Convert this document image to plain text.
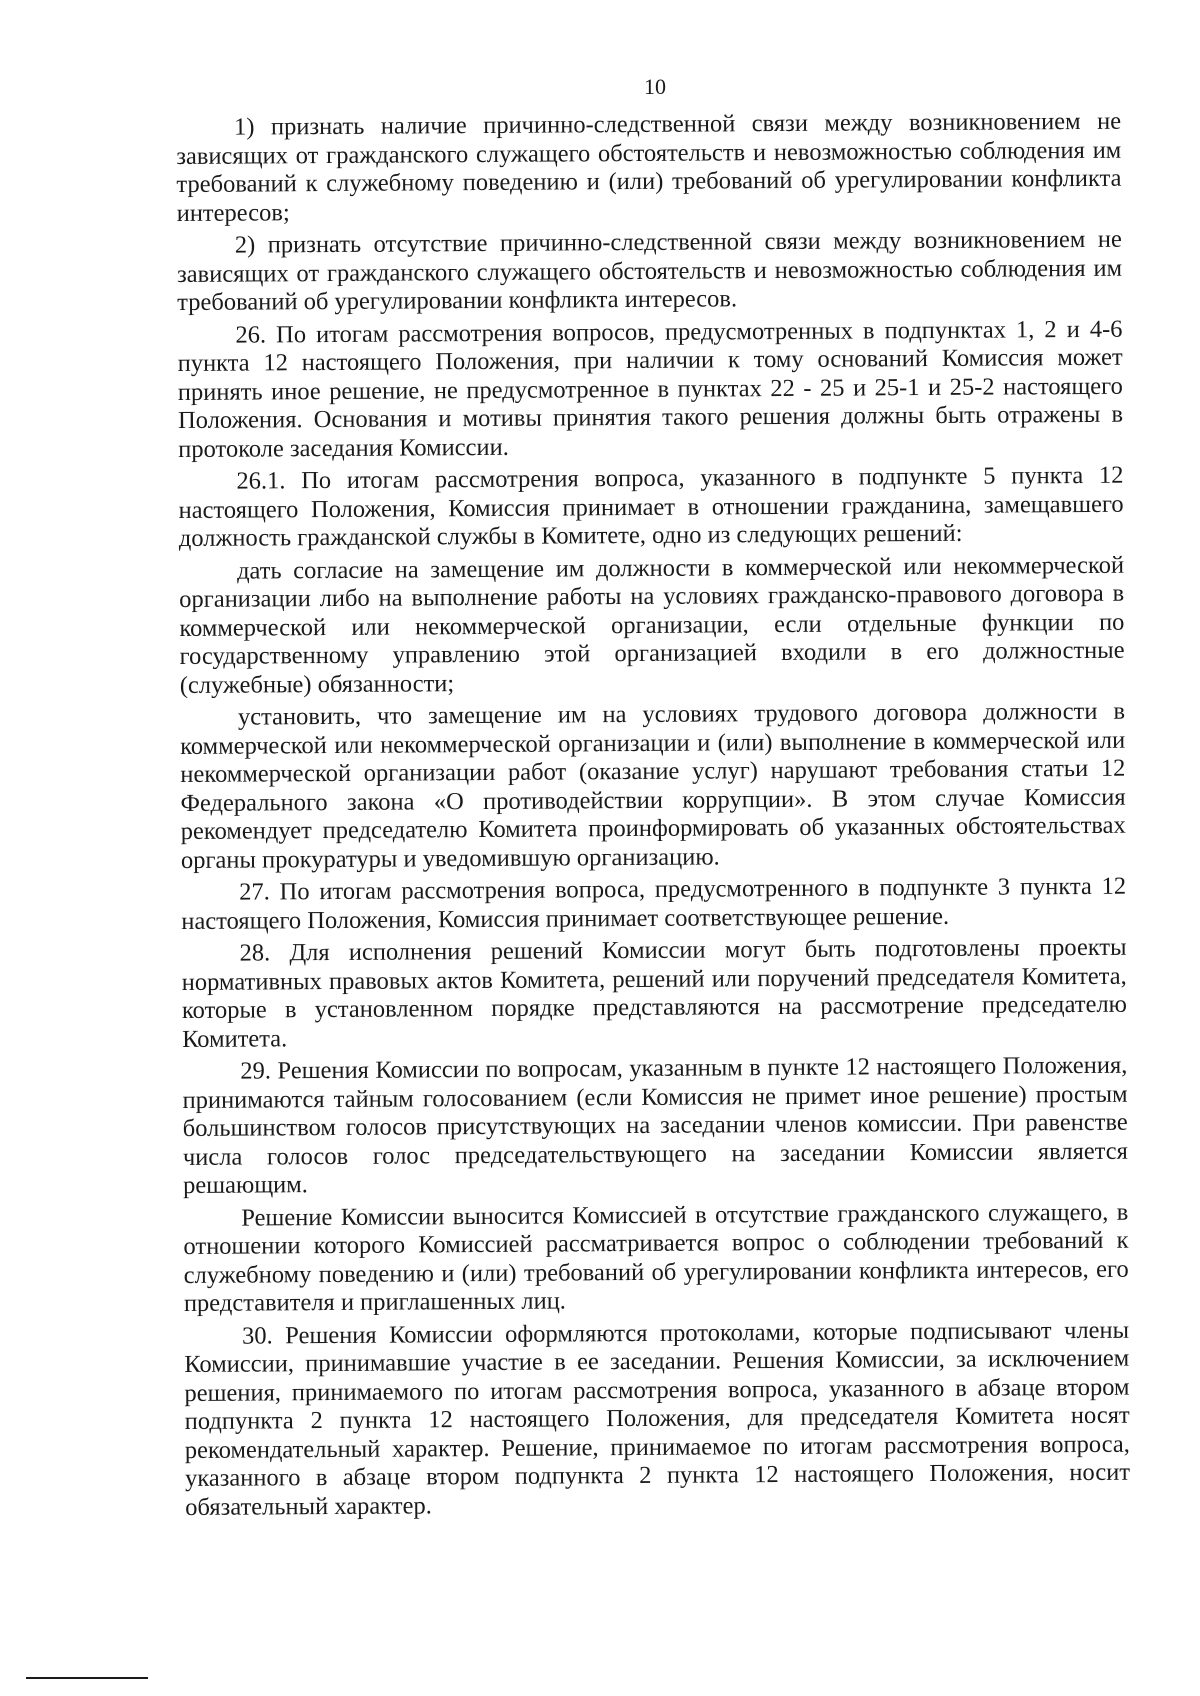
10

1) признать наличие причинно-следственной связи между возникновением не зависящих от гражданского служащего обстоятельств и невозможностью соблюдения им требований к служебному поведению и (или) требований об урегулировании конфликта интересов;

2) признать отсутствие причинно-следственной связи между возникновением не зависящих от гражданского служащего обстоятельств и невозможностью соблюдения им требований об урегулировании конфликта интересов.

26. По итогам рассмотрения вопросов, предусмотренных в подпунктах 1, 2 и 4-6 пункта 12 настоящего Положения, при наличии к тому оснований Комиссия может принять иное решение, не предусмотренное в пунктах 22 - 25 и 25-1 и 25-2 настоящего Положения. Основания и мотивы принятия такого решения должны быть отражены в протоколе заседания Комиссии.

26.1. По итогам рассмотрения вопроса, указанного в подпункте 5 пункта 12 настоящего Положения, Комиссия принимает в отношении гражданина, замещавшего должность гражданской службы в Комитете, одно из следующих решений:

дать согласие на замещение им должности в коммерческой или некоммерческой организации либо на выполнение работы на условиях гражданско-правового договора в коммерческой или некоммерческой организации, если отдельные функции по государственному управлению этой организацией входили в его должностные (служебные) обязанности;

установить, что замещение им на условиях трудового договора должности в коммерческой или некоммерческой организации и (или) выполнение в коммерческой или некоммерческой организации работ (оказание услуг) нарушают требования статьи 12 Федерального закона «О противодействии коррупции». В этом случае Комиссия рекомендует председателю Комитета проинформировать об указанных обстоятельствах органы прокуратуры и уведомившую организацию.

27. По итогам рассмотрения вопроса, предусмотренного в подпункте 3 пункта 12 настоящего Положения, Комиссия принимает соответствующее решение.

28. Для исполнения решений Комиссии могут быть подготовлены проекты нормативных правовых актов Комитета, решений или поручений председателя Комитета, которые в установленном порядке представляются на рассмотрение председателю Комитета.

29. Решения Комиссии по вопросам, указанным в пункте 12 настоящего Положения, принимаются тайным голосованием (если Комиссия не примет иное решение) простым большинством голосов присутствующих на заседании членов комиссии. При равенстве числа голосов голос председательствующего на заседании Комиссии является решающим.

Решение Комиссии выносится Комиссией в отсутствие гражданского служащего, в отношении которого Комиссией рассматривается вопрос о соблюдении требований к служебному поведению и (или) требований об урегулировании конфликта интересов, его представителя и приглашенных лиц.

30. Решения Комиссии оформляются протоколами, которые подписывают члены Комиссии, принимавшие участие в ее заседании. Решения Комиссии, за исключением решения, принимаемого по итогам рассмотрения вопроса, указанного в абзаце втором подпункта 2 пункта 12 настоящего Положения, для председателя Комитета носят рекомендательный характер. Решение, принимаемое по итогам рассмотрения вопроса, указанного в абзаце втором подпункта 2 пункта 12 настоящего Положения, носит обязательный характер.
